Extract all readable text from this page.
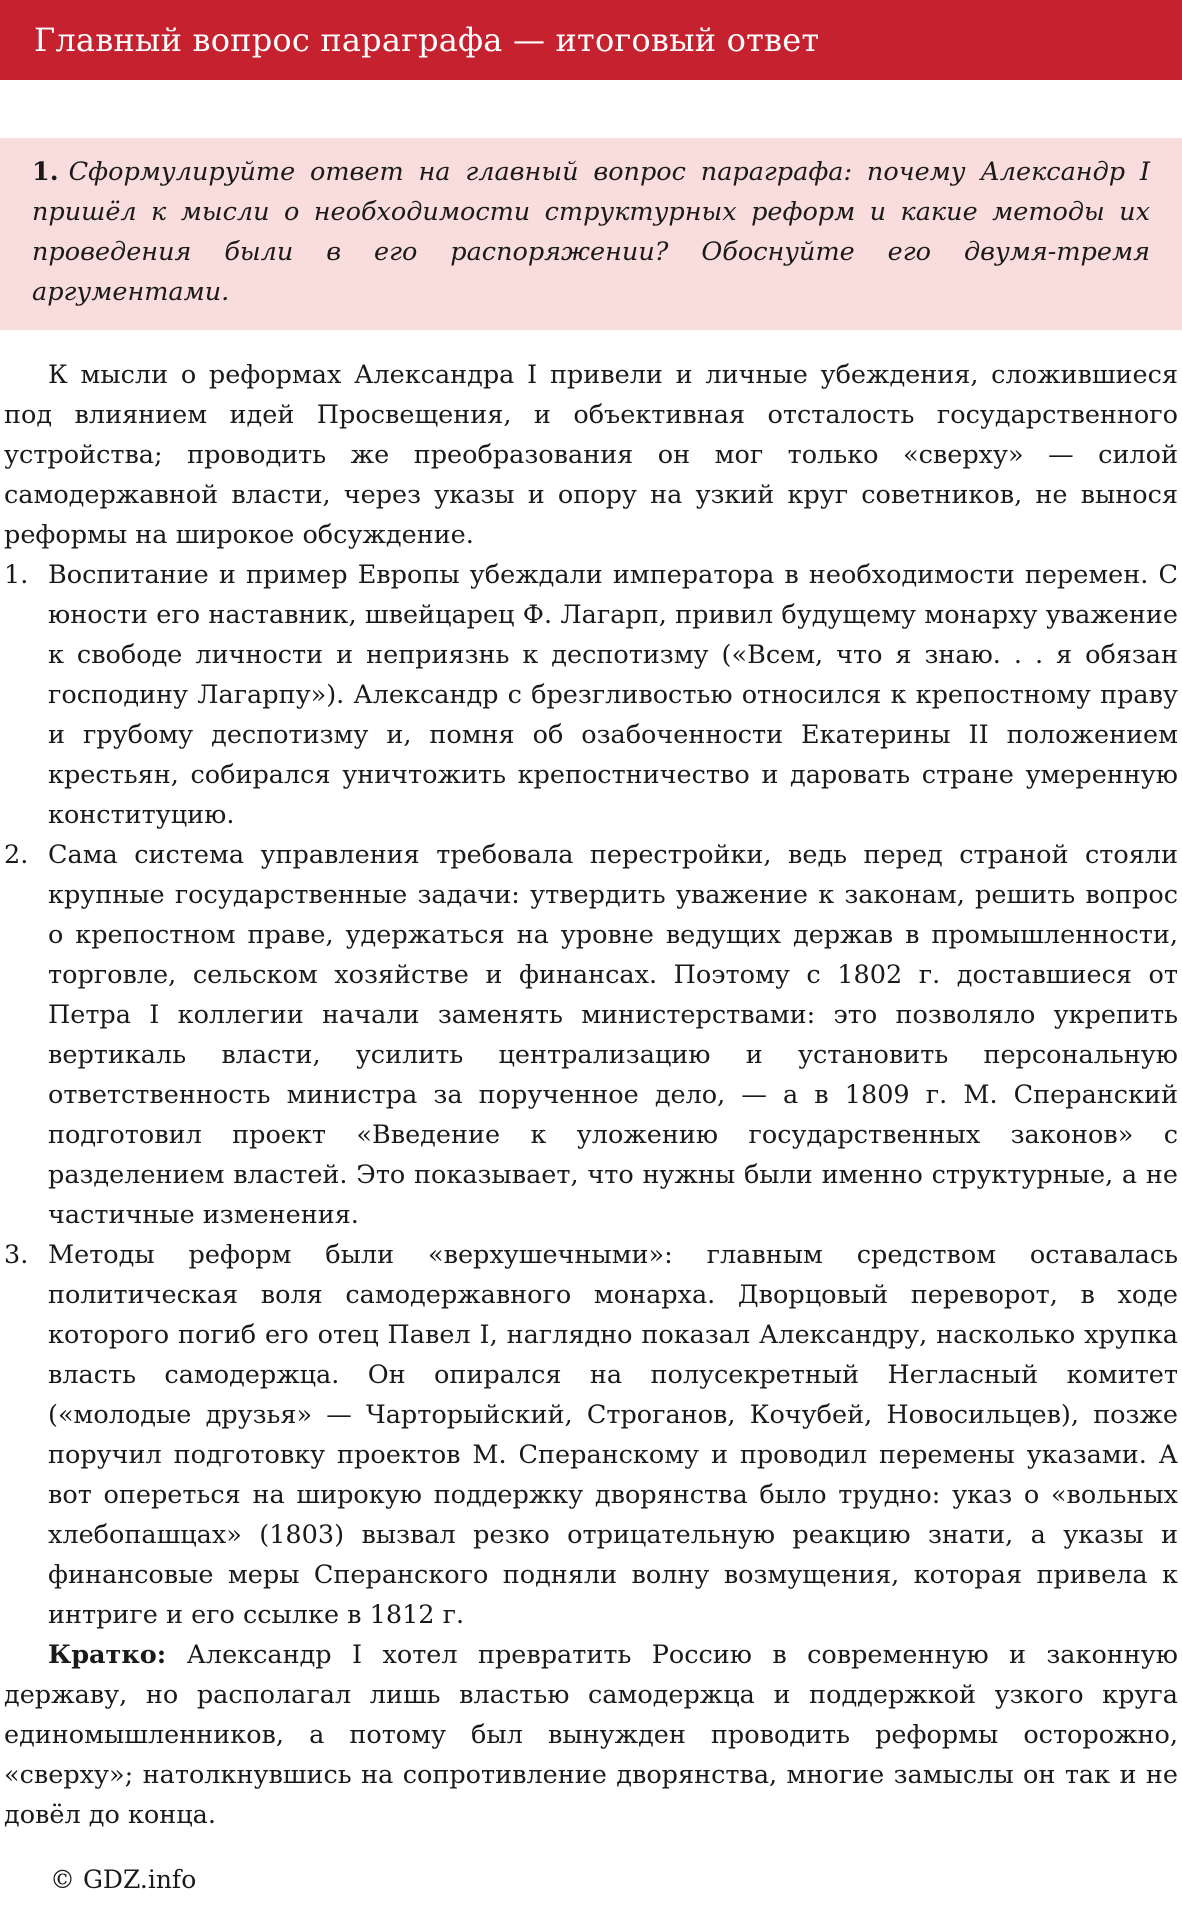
Главный вопрос параграфа — итоговый ответ

1. Сформулируйте ответ на главный вопрос параграфа: почему Александр I пришёл к мысли о необходимости структурных реформ и какие методы их проведения были в его распоряжении? Обоснуйте его двумя-тремя аргументами.

К мысли о реформах Александра I привели и личные убеждения, сложившиеся под влиянием идей Просвещения, и объективная отсталость государственного устройства; проводить же преобразования он мог только «сверху» — силой самодержавной власти, через указы и опору на узкий круг советников, не вынося реформы на широкое обсуждение.

1. Воспитание и пример Европы убеждали императора в необходимости перемен. С юности его наставник, швейцарец Ф. Лагарп, привил будущему монарху уважение к свободе личности и неприязнь к деспотизму («Всем, что я знаю. . . я обязан господину Лагарпу»). Александр с брезгливостью относился к крепостному праву и грубому деспотизму и, помня об озабоченности Екатерины II положением крестьян, собирался уничтожить крепостничество и даровать стране умеренную конституцию.
2. Сама система управления требовала перестройки, ведь перед страной стояли крупные государственные задачи: утвердить уважение к законам, решить вопрос о крепостном праве, удержаться на уровне ведущих держав в промышленности, торговле, сельском хозяйстве и финансах. Поэтому с 1802 г. доставшиеся от Петра I коллегии начали заменять министерствами: это позволяло укрепить вертикаль власти, усилить централизацию и установить персональную ответственность министра за порученное дело, — а в 1809 г. М. Сперанский подготовил проект «Введение к уложению государственных законов» с разделением властей. Это показывает, что нужны были именно структурные, а не частичные изменения.
3. Методы реформ были «верхушечными»: главным средством оставалась политическая воля самодержавного монарха. Дворцовый переворот, в ходе которого погиб его отец Павел I, наглядно показал Александру, насколько хрупка власть самодержца. Он опирался на полусекретный Негласный комитет («молодые друзья» — Чарторыйский, Строганов, Кочубей, Новосильцев), позже поручил подготовку проектов М. Сперанскому и проводил перемены указами. А вот опереться на широкую поддержку дворянства было трудно: указ о «вольных хлебопашцах» (1803) вызвал резко отрицательную реакцию знати, а указы и финансовые меры Сперанского подняли волну возмущения, которая привела к интриге и его ссылке в 1812 г.

Кратко: Александр I хотел превратить Россию в современную и законную державу, но располагал лишь властью самодержца и поддержкой узкого круга единомышленников, а потому был вынужден проводить реформы осторожно, «сверху»; натолкнувшись на сопротивление дворянства, многие замыслы он так и не довёл до конца.

© GDZ.info
